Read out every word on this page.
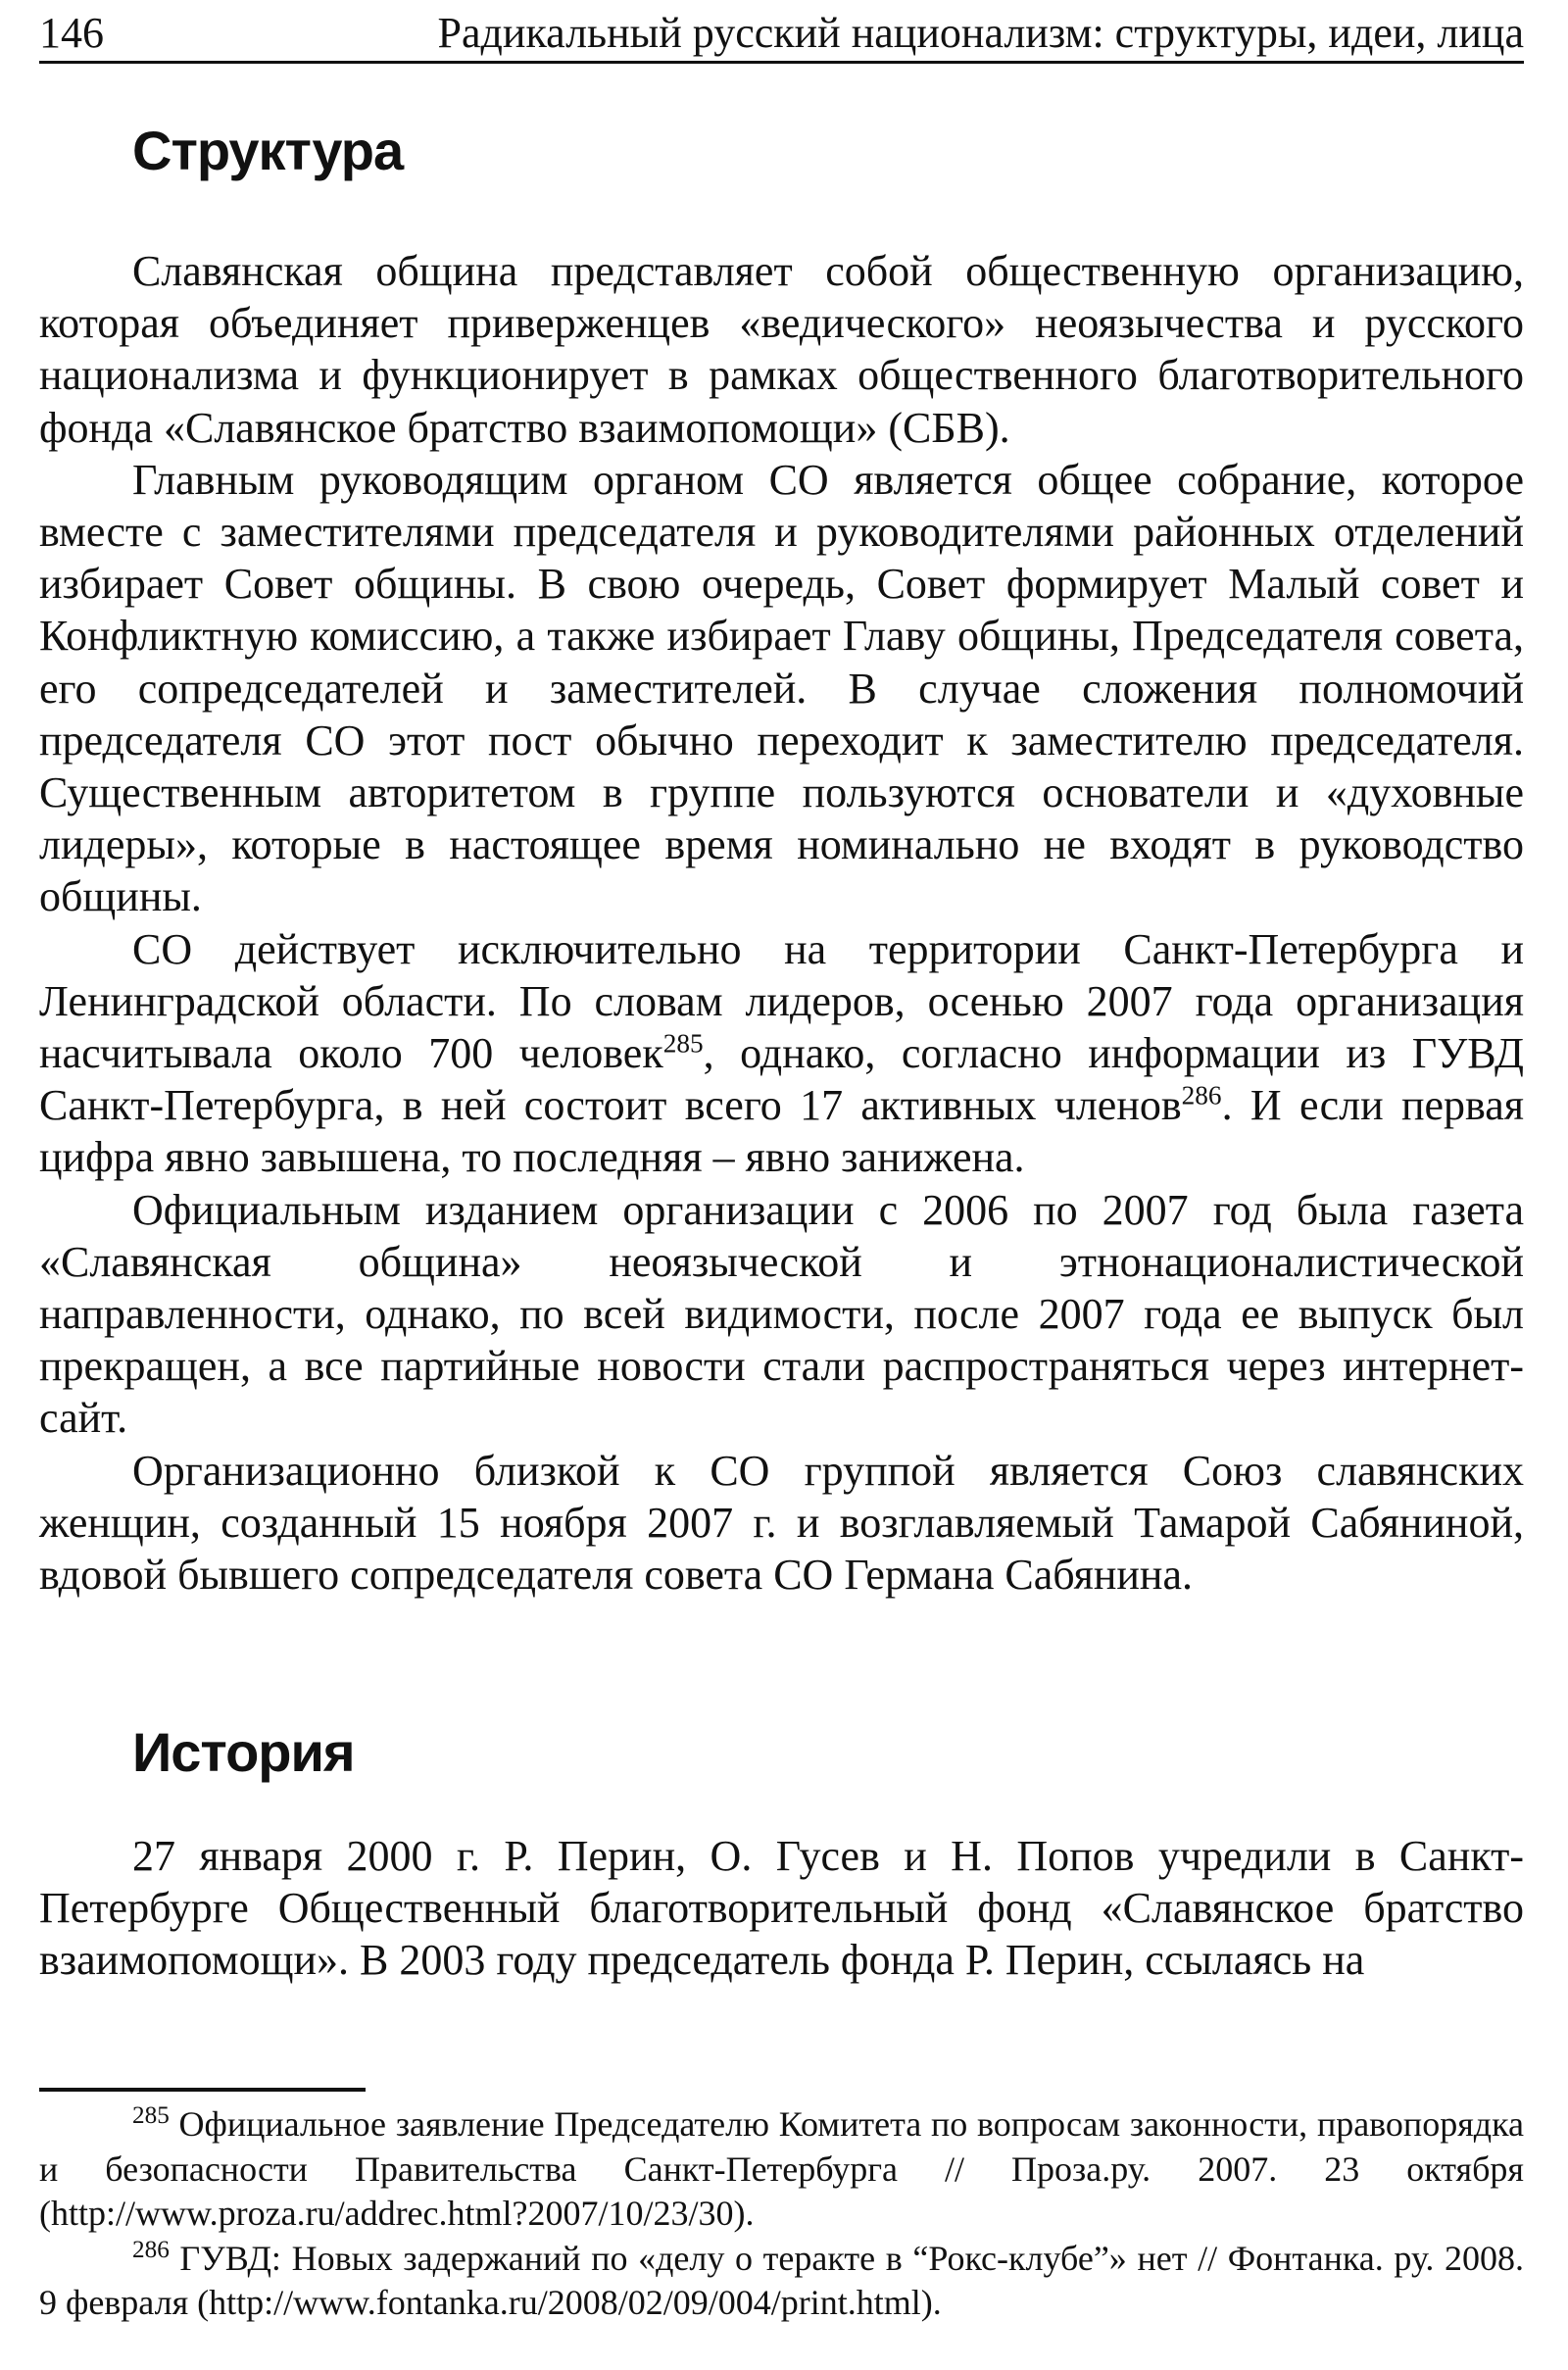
146	Радикальный русский национализм: структуры, идеи, лица
Структура

Славянская община представляет собой общественную организацию, которая объединяет приверженцев «ведического» неоязычества и русского национализма и функционирует в рамках общественного благотворительного фонда «Славянское братство взаимопомощи» (СБВ).

Главным руководящим органом СО является общее собрание, которое вместе с заместителями председателя и руководителями районных отделений избирает Совет общины. В свою очередь, Совет формирует Малый совет и Конфликтную комиссию, а также избирает Главу общины, Председателя совета, его сопредседателей и заместителей. В случае сложения полномочий председателя СО этот пост обычно переходит к заместителю председателя. Существенным авторитетом в группе пользуются основатели и «духовные лидеры», которые в настоящее время номинально не входят в руководство общины.

СО действует исключительно на территории Санкт-Петербурга и Ленинградской области. По словам лидеров, осенью 2007 года организация насчитывала около 700 человек$^{285}$, однако, согласно информации из ГУВД Санкт-Петербурга, в ней состоит всего 17 активных членов$^{286}$. И если первая цифра явно завышена, то последняя – явно занижена.

Официальным изданием организации с 2006 по 2007 год была газета «Славянская община» неоязыческой и этнонационалистической направленности, однако, по всей видимости, после 2007 года ее выпуск был прекращен, а все партийные новости стали распространяться через интернет-сайт.

Организационно близкой к СО группой является Союз славянских женщин, созданный 15 ноября 2007 г. и возглавляемый Тамарой Сабяниной, вдовой бывшего сопредседателя совета СО Германа Сабянина.

История

27 января 2000 г. Р. Перин, О. Гусев и Н. Попов учредили в Санкт-Петербурге Общественный благотворительный фонд «Славянское братство взаимопомощи». В 2003 году председатель фонда Р. Перин, ссылаясь на

$^{285}$ Официальное заявление Председателю Комитета по вопросам законности, правопорядка и безопасности Правительства Санкт-Петербурга // Проза.ру. 2007. 23 октября (http://www.proza.ru/addrec.html?2007/10/23/30).

$^{286}$ ГУВД: Новых задержаний по «делу о теракте в “Рокс-клубе”» нет // Фонтанка. ру. 2008. 9 февраля (http://www.fontanka.ru/2008/02/09/004/print.html).
